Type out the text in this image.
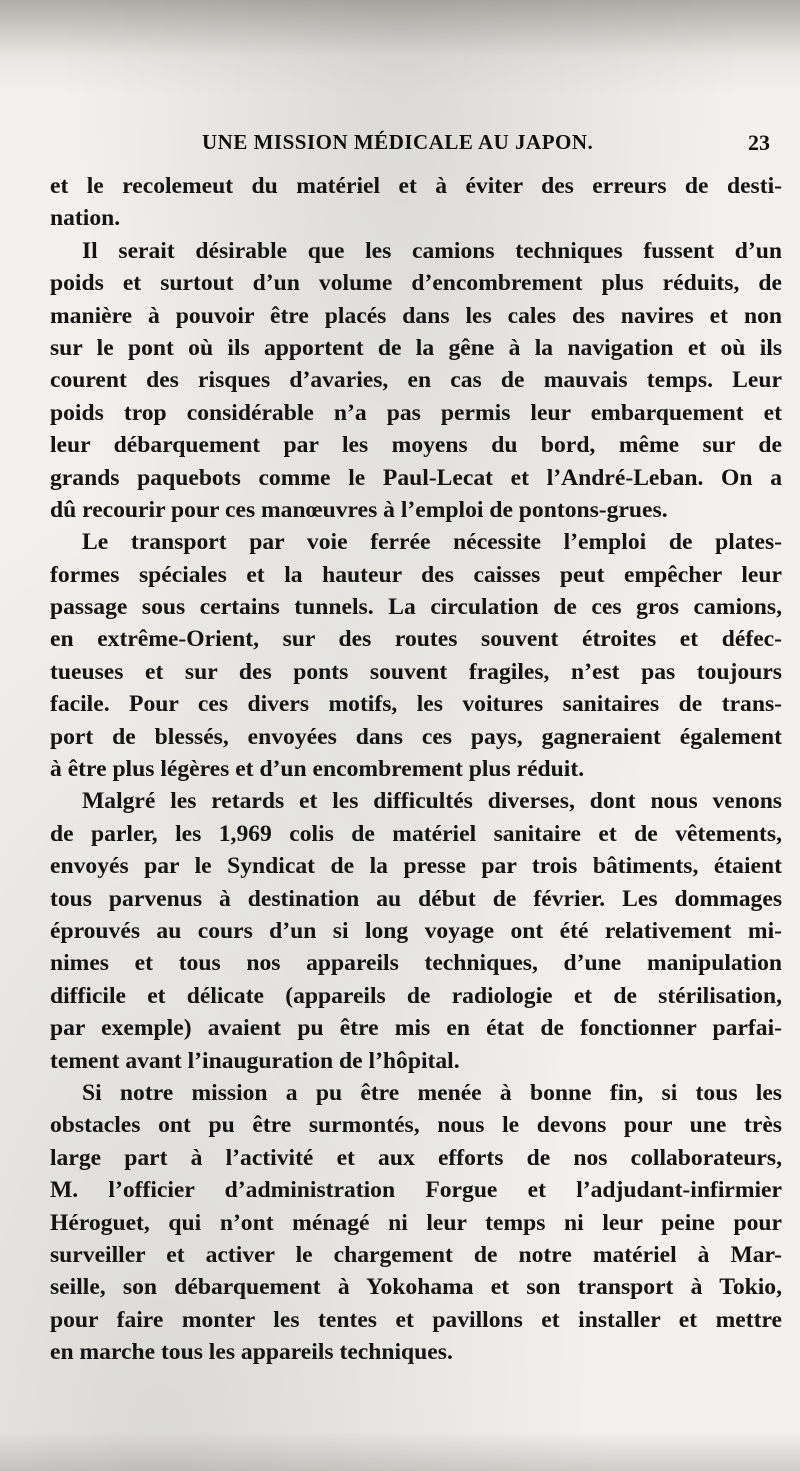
UNE MISSION MÉDICALE AU JAPON.	23
et le recolemeut du matériel et à éviter des erreurs de desti-
nation.
Il serait désirable que les camions techniques fussent d’un
poids et surtout d’un volume d’encombrement plus réduits, de
manière à pouvoir être placés dans les cales des navires et non
sur le pont où ils apportent de la gêne à la navigation et où ils
courent des risques d’avaries, en cas de mauvais temps. Leur
poids trop considérable n’a pas permis leur embarquement et
leur débarquement par les moyens du bord, même sur de
grands paquebots comme le Paul-Lecat et l’André-Leban. On a
dû recourir pour ces manœuvres à l’emploi de pontons-grues.
Le transport par voie ferrée nécessite l’emploi de plates-
formes spéciales et la hauteur des caisses peut empêcher leur
passage sous certains tunnels. La circulation de ces gros camions,
en extrême-Orient, sur des routes souvent étroites et défec-
tueuses et sur des ponts souvent fragiles, n’est pas toujours
facile. Pour ces divers motifs, les voitures sanitaires de trans-
port de blessés, envoyées dans ces pays, gagneraient également
à être plus légères et d’un encombrement plus réduit.
Malgré les retards et les difficultés diverses, dont nous venons
de parler, les 1,969 colis de matériel sanitaire et de vêtements,
envoyés par le Syndicat de la presse par trois bâtiments, étaient
tous parvenus à destination au début de février. Les dommages
éprouvés au cours d’un si long voyage ont été relativement mi-
nimes et tous nos appareils techniques, d’une manipulation
difficile et délicate (appareils de radiologie et de stérilisation,
par exemple) avaient pu être mis en état de fonctionner parfai-
tement avant l’inauguration de l’hôpital.
Si notre mission a pu être menée à bonne fin, si tous les
obstacles ont pu être surmontés, nous le devons pour une très
large part à l’activité et aux efforts de nos collaborateurs,
M. l’officier d’administration Forgue et l’adjudant-infirmier
Héroguet, qui n’ont ménagé ni leur temps ni leur peine pour
surveiller et activer le chargement de notre matériel à Mar-
seille, son débarquement à Yokohama et son transport à Tokio,
pour faire monter les tentes et pavillons et installer et mettre
en marche tous les appareils techniques.
